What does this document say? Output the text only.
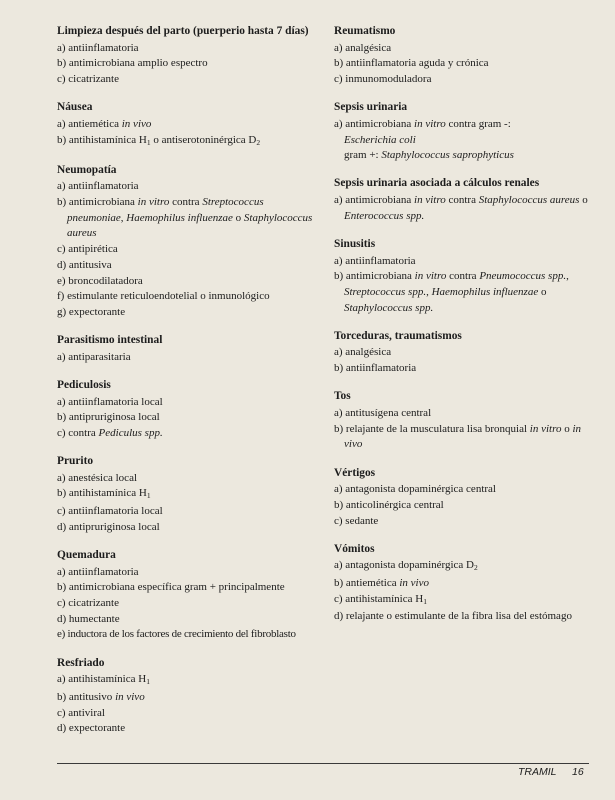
Limpieza después del parto (puerperio hasta 7 días)
a) antiinflamatoria
b) antimicrobiana amplio espectro
c) cicatrizante
Náusea
a) antiemética in vivo
b) antihistamínica $H_1$ o antiserotoninérgica $D_2$
Neumopatía
a) antiinflamatoria
b) antimicrobiana in vitro contra Streptococcus pneumoniae, Haemophilus influenzae o Staphylococcus aureus
c) antipirética
d) antitusiva
e) broncodilatadora
f) estimulante reticuloendotelial o inmunológico
g) expectorante
Parasitismo intestinal
a) antiparasitaria
Pediculosis
a) antiinflamatoria local
b) antipruriginosa local
c) contra Pediculus spp.
Prurito
a) anestésica local
b) antihistamínica $H_1$
c) antiinflamatoria local
d) antipruriginosa local
Quemadura
a) antiinflamatoria
b) antimicrobiana específica gram + principalmente
c) cicatrizante
d) humectante
e) inductora de los factores de crecimiento del fibroblasto
Resfriado
a) antihistamínica $H_1$
b) antitusivo in vivo
c) antiviral
d) expectorante
Reumatismo
a) analgésica
b) antiinflamatoria aguda y crónica
c) inmunomoduladora
Sepsis urinaria
a) antimicrobiana in vitro contra gram -:
Escherichia coli
gram +: Staphylococcus saprophyticus
Sepsis urinaria asociada a cálculos renales
a) antimicrobiana in vitro contra Staphylococcus aureus o Enterococcus spp.
Sinusitis
a) antiinflamatoria
b) antimicrobiana in vitro contra Pneumococcus spp., Streptococcus spp., Haemophilus influenzae o Staphylococcus spp.
Torceduras, traumatismos
a) analgésica
b) antiinflamatoria
Tos
a) antitusígena central
b) relajante de la musculatura lisa bronquial in vitro o in vivo
Vértigos
a) antagonista dopaminérgica central
b) anticolinérgica central
c) sedante
Vómitos
a) antagonista dopaminérgica $D_2$
b) antiemética in vivo
c) antihistamínica $H_1$
d) relajante o estimulante de la fibra lisa del estómago
TRAMIL 16
